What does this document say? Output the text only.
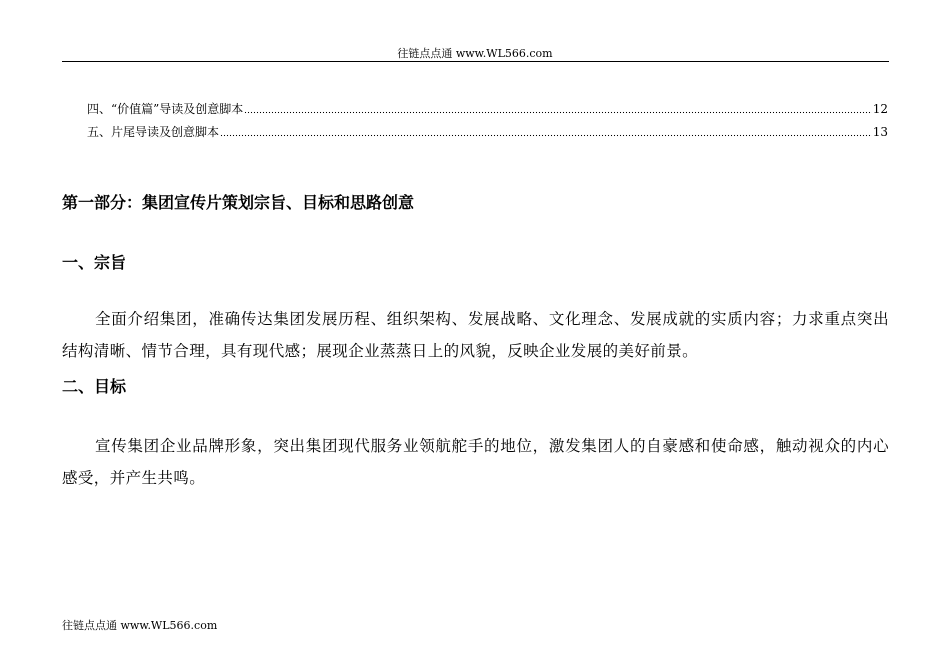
往链点点通 www.WL566.com
四、“价值篇”导读及创意脚本	12
五、片尾导读及创意脚本	13
第一部分：集团宣传片策划宗旨、目标和思路创意
一、宗旨
全面介绍集团，准确传达集团发展历程、组织架构、发展战略、文化理念、发展成就的实质内容；力求重点突出结构清晰、情节合理，具有现代感；展现企业蒸蒸日上的风貌，反映企业发展的美好前景。
二、目标
宣传集团企业品牌形象，突出集团现代服务业领航舵手的地位，激发集团人的自豪感和使命感，触动视众的内心感受，并产生共鸣。
往链点点通 www.WL566.com
